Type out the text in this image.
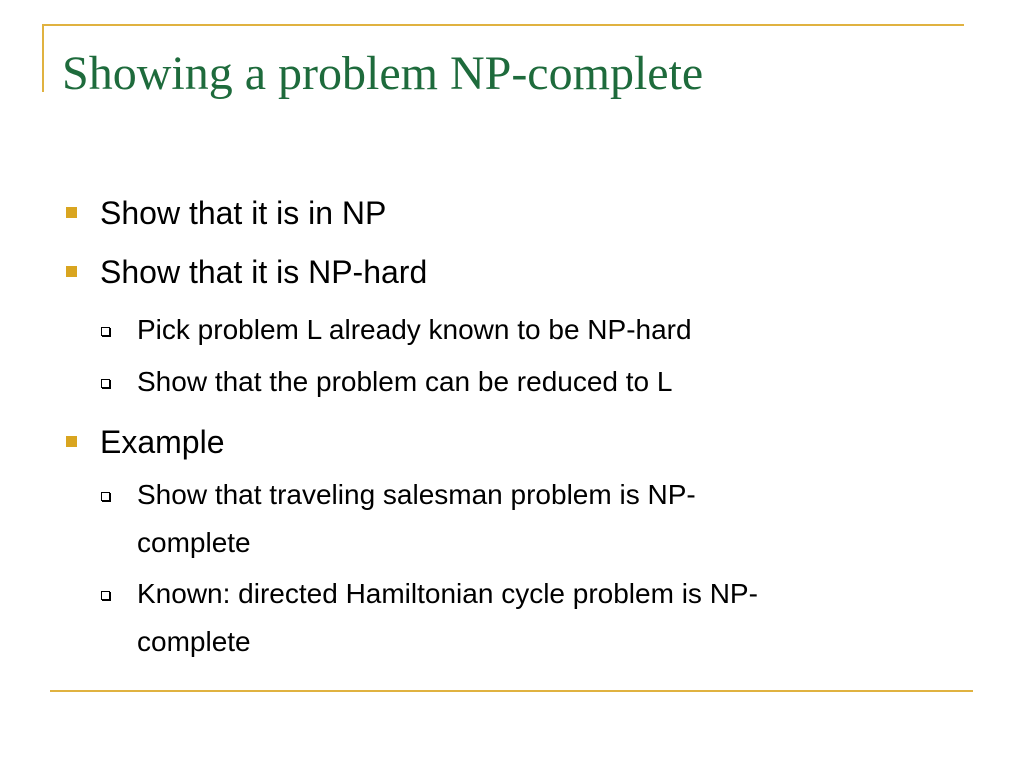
Showing a problem NP-complete
Show that it is in NP
Show that it is NP-hard
Pick problem L already known to be NP-hard
Show that the problem can be reduced to L
Example
Show that traveling salesman problem is NP-
complete
Known: directed Hamiltonian cycle problem is NP-
complete
